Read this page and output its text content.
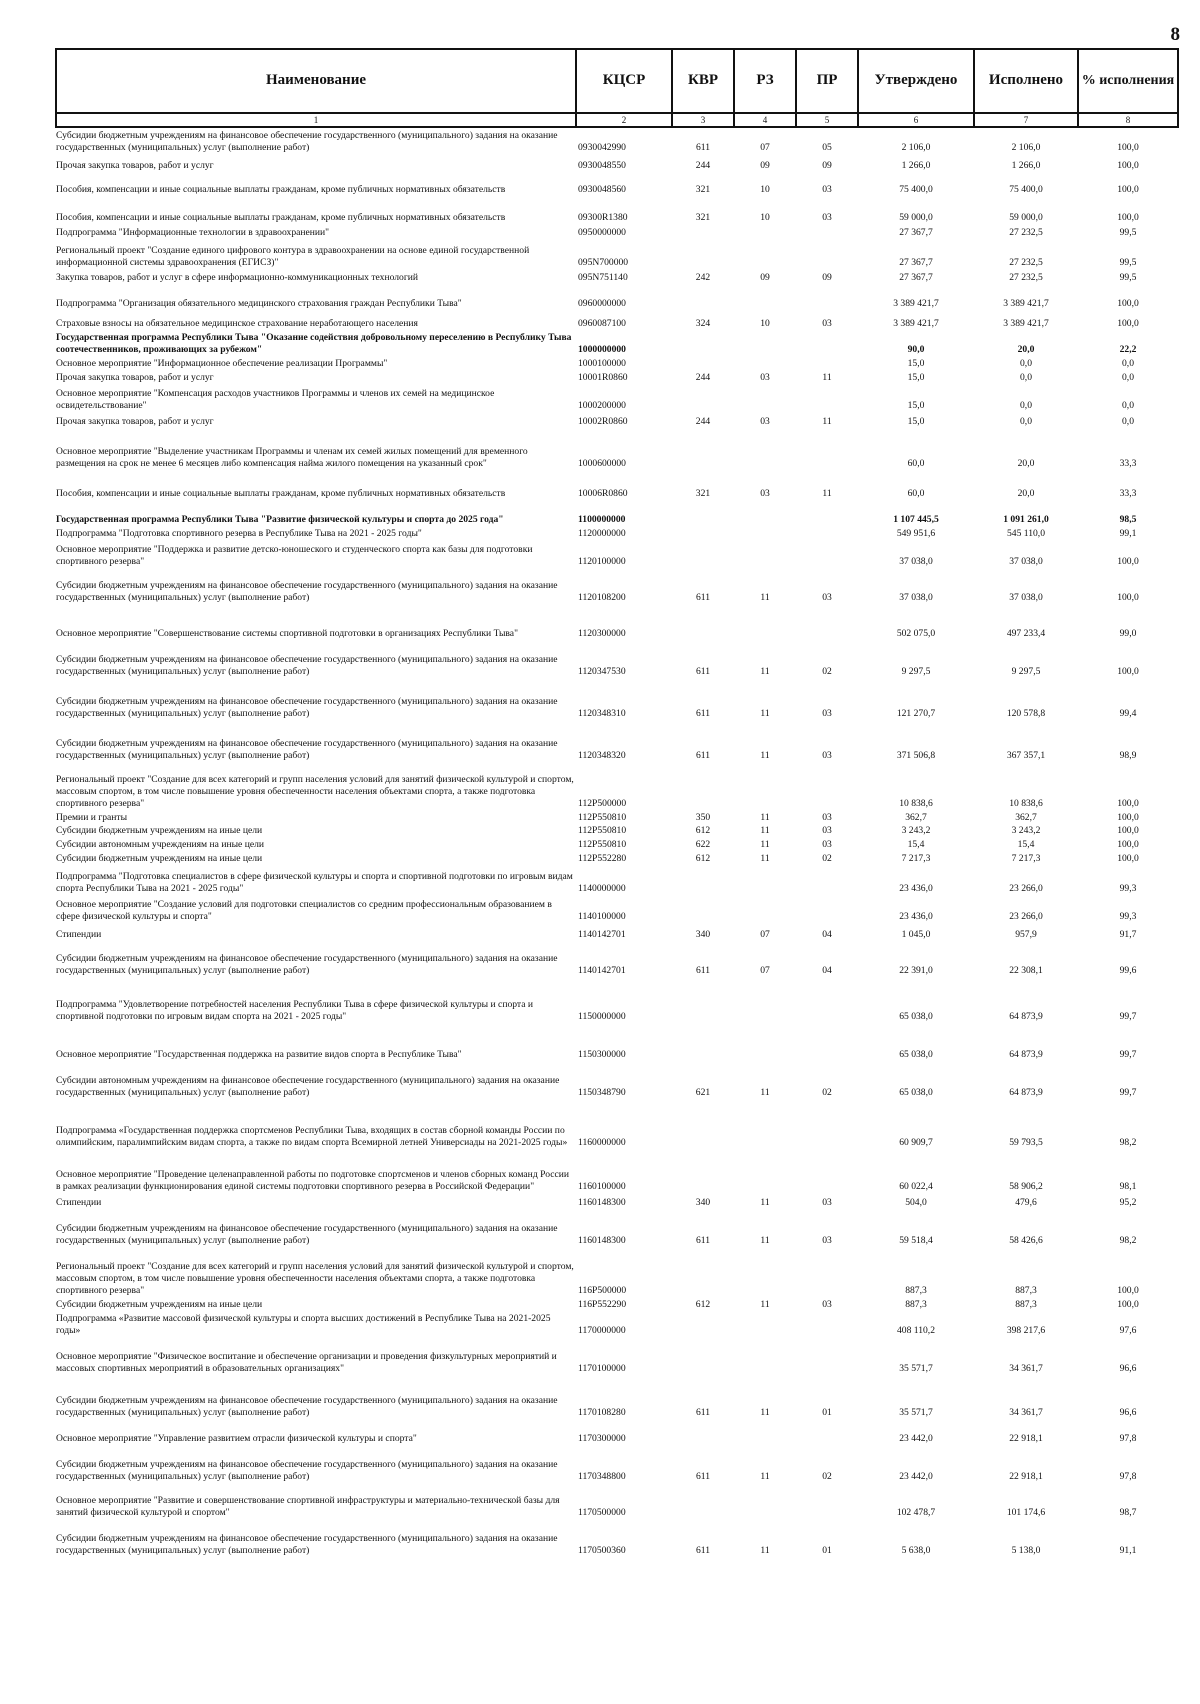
8
Наименование	КЦСР	КВР	РЗ	ПР	Утверждено	Исполнено	% исполнения
1	2	3	4	5	6	7	8
Субсидии бюджетным учреждениям на финансовое обеспечение государственного (муниципального) задания на оказание государственных (муниципальных) услуг (выполнение работ)	0930042990	611	07	05	2 106,0	2 106,0	100,0
Прочая закупка товаров, работ и услуг	0930048550	244	09	09	1 266,0	1 266,0	100,0
Пособия, компенсации и иные социальные выплаты гражданам, кроме публичных нормативных обязательств	0930048560	321	10	03	75 400,0	75 400,0	100,0
Пособия, компенсации и иные социальные выплаты гражданам, кроме публичных нормативных обязательств	09300R1380	321	10	03	59 000,0	59 000,0	100,0
Подпрограмма "Информационные технологии в здравоохранении"	0950000000				27 367,7	27 232,5	99,5
Региональный проект "Создание единого цифрового контура в здравоохранении на основе единой государственной информационной системы здравоохранения (ЕГИСЗ)"	095N700000				27 367,7	27 232,5	99,5
Закупка товаров, работ и услуг в сфере информационно-коммуникационных технологий	095N751140	242	09	09	27 367,7	27 232,5	99,5
Подпрограмма "Организация обязательного медицинского страхования граждан Республики Тыва"	0960000000				3 389 421,7	3 389 421,7	100,0
Страховые взносы на обязательное медицинское страхование неработающего населения	0960087100	324	10	03	3 389 421,7	3 389 421,7	100,0
Государственная программа Республики Тыва "Оказание содействия добровольному переселению в Республику Тыва соотечественников, проживающих за рубежом"	1000000000				90,0	20,0	22,2
Основное мероприятие "Информационное обеспечение реализации Программы"	1000100000				15,0	0,0	0,0
Прочая закупка товаров, работ и услуг	10001R0860	244	03	11	15,0	0,0	0,0
Основное мероприятие "Компенсация расходов участников Программы и членов их семей на медицинское освидетельствование"	1000200000				15,0	0,0	0,0
Прочая закупка товаров, работ и услуг	10002R0860	244	03	11	15,0	0,0	0,0
Основное мероприятие "Выделение участникам Программы и членам их семей жилых помещений для временного размещения на срок не менее 6 месяцев либо компенсация найма жилого помещения на указанный срок"	1000600000				60,0	20,0	33,3
Пособия, компенсации и иные социальные выплаты гражданам, кроме публичных нормативных обязательств	10006R0860	321	03	11	60,0	20,0	33,3
Государственная программа Республики Тыва "Развитие физической культуры и спорта до 2025 года"	1100000000				1 107 445,5	1 091 261,0	98,5
Подпрограмма "Подготовка спортивного резерва в Республике Тыва на 2021 - 2025 годы"	1120000000				549 951,6	545 110,0	99,1
Основное мероприятие "Поддержка и развитие детско-юношеского и студенческого спорта как базы для подготовки спортивного резерва"	1120100000				37 038,0	37 038,0	100,0
Субсидии бюджетным учреждениям на финансовое обеспечение государственного (муниципального) задания на оказание государственных (муниципальных) услуг (выполнение работ)	1120108200	611	11	03	37 038,0	37 038,0	100,0
Основное мероприятие "Совершенствование системы спортивной подготовки в организациях Республики Тыва"	1120300000				502 075,0	497 233,4	99,0
Субсидии бюджетным учреждениям на финансовое обеспечение государственного (муниципального) задания на оказание государственных (муниципальных) услуг (выполнение работ)	1120347530	611	11	02	9 297,5	9 297,5	100,0
Субсидии бюджетным учреждениям на финансовое обеспечение государственного (муниципального) задания на оказание государственных (муниципальных) услуг (выполнение работ)	1120348310	611	11	03	121 270,7	120 578,8	99,4
Субсидии бюджетным учреждениям на финансовое обеспечение государственного (муниципального) задания на оказание государственных (муниципальных) услуг (выполнение работ)	1120348320	611	11	03	371 506,8	367 357,1	98,9
Региональный проект "Создание для всех категорий и групп населения условий для занятий физической культурой и спортом, массовым спортом, в том числе повышение уровня обеспеченности населения объектами спорта, а также подготовка спортивного резерва"	112P500000				10 838,6	10 838,6	100,0
Премии и гранты	112P550810	350	11	03	362,7	362,7	100,0
Субсидии бюджетным учреждениям на иные цели	112P550810	612	11	03	3 243,2	3 243,2	100,0
Субсидии автономным учреждениям на иные цели	112P550810	622	11	03	15,4	15,4	100,0
Субсидии бюджетным учреждениям на иные цели	112P552280	612	11	02	7 217,3	7 217,3	100,0
Подпрограмма "Подготовка специалистов в сфере физической культуры и спорта и спортивной подготовки по игровым видам спорта Республики Тыва на 2021 - 2025 годы"	1140000000				23 436,0	23 266,0	99,3
Основное мероприятие "Создание условий для подготовки специалистов со средним профессиональным образованием в сфере физической культуры и спорта"	1140100000				23 436,0	23 266,0	99,3
Стипендии	1140142701	340	07	04	1 045,0	957,9	91,7
Субсидии бюджетным учреждениям на финансовое обеспечение государственного (муниципального) задания на оказание государственных (муниципальных) услуг (выполнение работ)	1140142701	611	07	04	22 391,0	22 308,1	99,6
Подпрограмма "Удовлетворение потребностей населения Республики Тыва в сфере физической культуры и спорта и спортивной подготовки по игровым видам спорта на 2021 - 2025 годы"	1150000000				65 038,0	64 873,9	99,7
Основное мероприятие "Государственная поддержка на развитие видов спорта в Республике Тыва"	1150300000				65 038,0	64 873,9	99,7
Субсидии автономным учреждениям на финансовое обеспечение государственного (муниципального) задания на оказание государственных (муниципальных) услуг (выполнение работ)	1150348790	621	11	02	65 038,0	64 873,9	99,7
Подпрограмма «Государственная поддержка спортсменов Республики Тыва, входящих в состав сборной команды России по олимпийским, паралимпийским видам спорта, а также по видам спорта Всемирной летней Универсиады на 2021-2025 годы»	1160000000				60 909,7	59 793,5	98,2
Основное мероприятие "Проведение целенаправленной работы по подготовке спортсменов и членов сборных команд России в рамках реализации функционирования единой системы подготовки спортивного резерва в Российской Федерации"	1160100000				60 022,4	58 906,2	98,1
Стипендии	1160148300	340	11	03	504,0	479,6	95,2
Субсидии бюджетным учреждениям на финансовое обеспечение государственного (муниципального) задания на оказание государственных (муниципальных) услуг (выполнение работ)	1160148300	611	11	03	59 518,4	58 426,6	98,2
Региональный проект "Создание для всех категорий и групп населения условий для занятий физической культурой и спортом, массовым спортом, в том числе повышение уровня обеспеченности населения объектами спорта, а также подготовка спортивного резерва"	116P500000				887,3	887,3	100,0
Субсидии бюджетным учреждениям на иные цели	116P552290	612	11	03	887,3	887,3	100,0
Подпрограмма «Развитие массовой физической культуры и спорта высших достижений в Республике Тыва на 2021-2025 годы»	1170000000				408 110,2	398 217,6	97,6
Основное мероприятие "Физическое воспитание и обеспечение организации и проведения физкультурных мероприятий и массовых спортивных мероприятий в образовательных организациях"	1170100000				35 571,7	34 361,7	96,6
Субсидии бюджетным учреждениям на финансовое обеспечение государственного (муниципального) задания на оказание государственных (муниципальных) услуг (выполнение работ)	1170108280	611	11	01	35 571,7	34 361,7	96,6
Основное мероприятие "Управление развитием отрасли физической культуры и спорта"	1170300000				23 442,0	22 918,1	97,8
Субсидии бюджетным учреждениям на финансовое обеспечение государственного (муниципального) задания на оказание государственных (муниципальных) услуг (выполнение работ)	1170348800	611	11	02	23 442,0	22 918,1	97,8
Основное мероприятие "Развитие и совершенствование спортивной инфраструктуры и материально-технической базы для занятий физической культурой и спортом"	1170500000				102 478,7	101 174,6	98,7
Субсидии бюджетным учреждениям на финансовое обеспечение государственного (муниципального) задания на оказание государственных (муниципальных) услуг (выполнение работ)	1170500360	611	11	01	5 638,0	5 138,0	91,1
